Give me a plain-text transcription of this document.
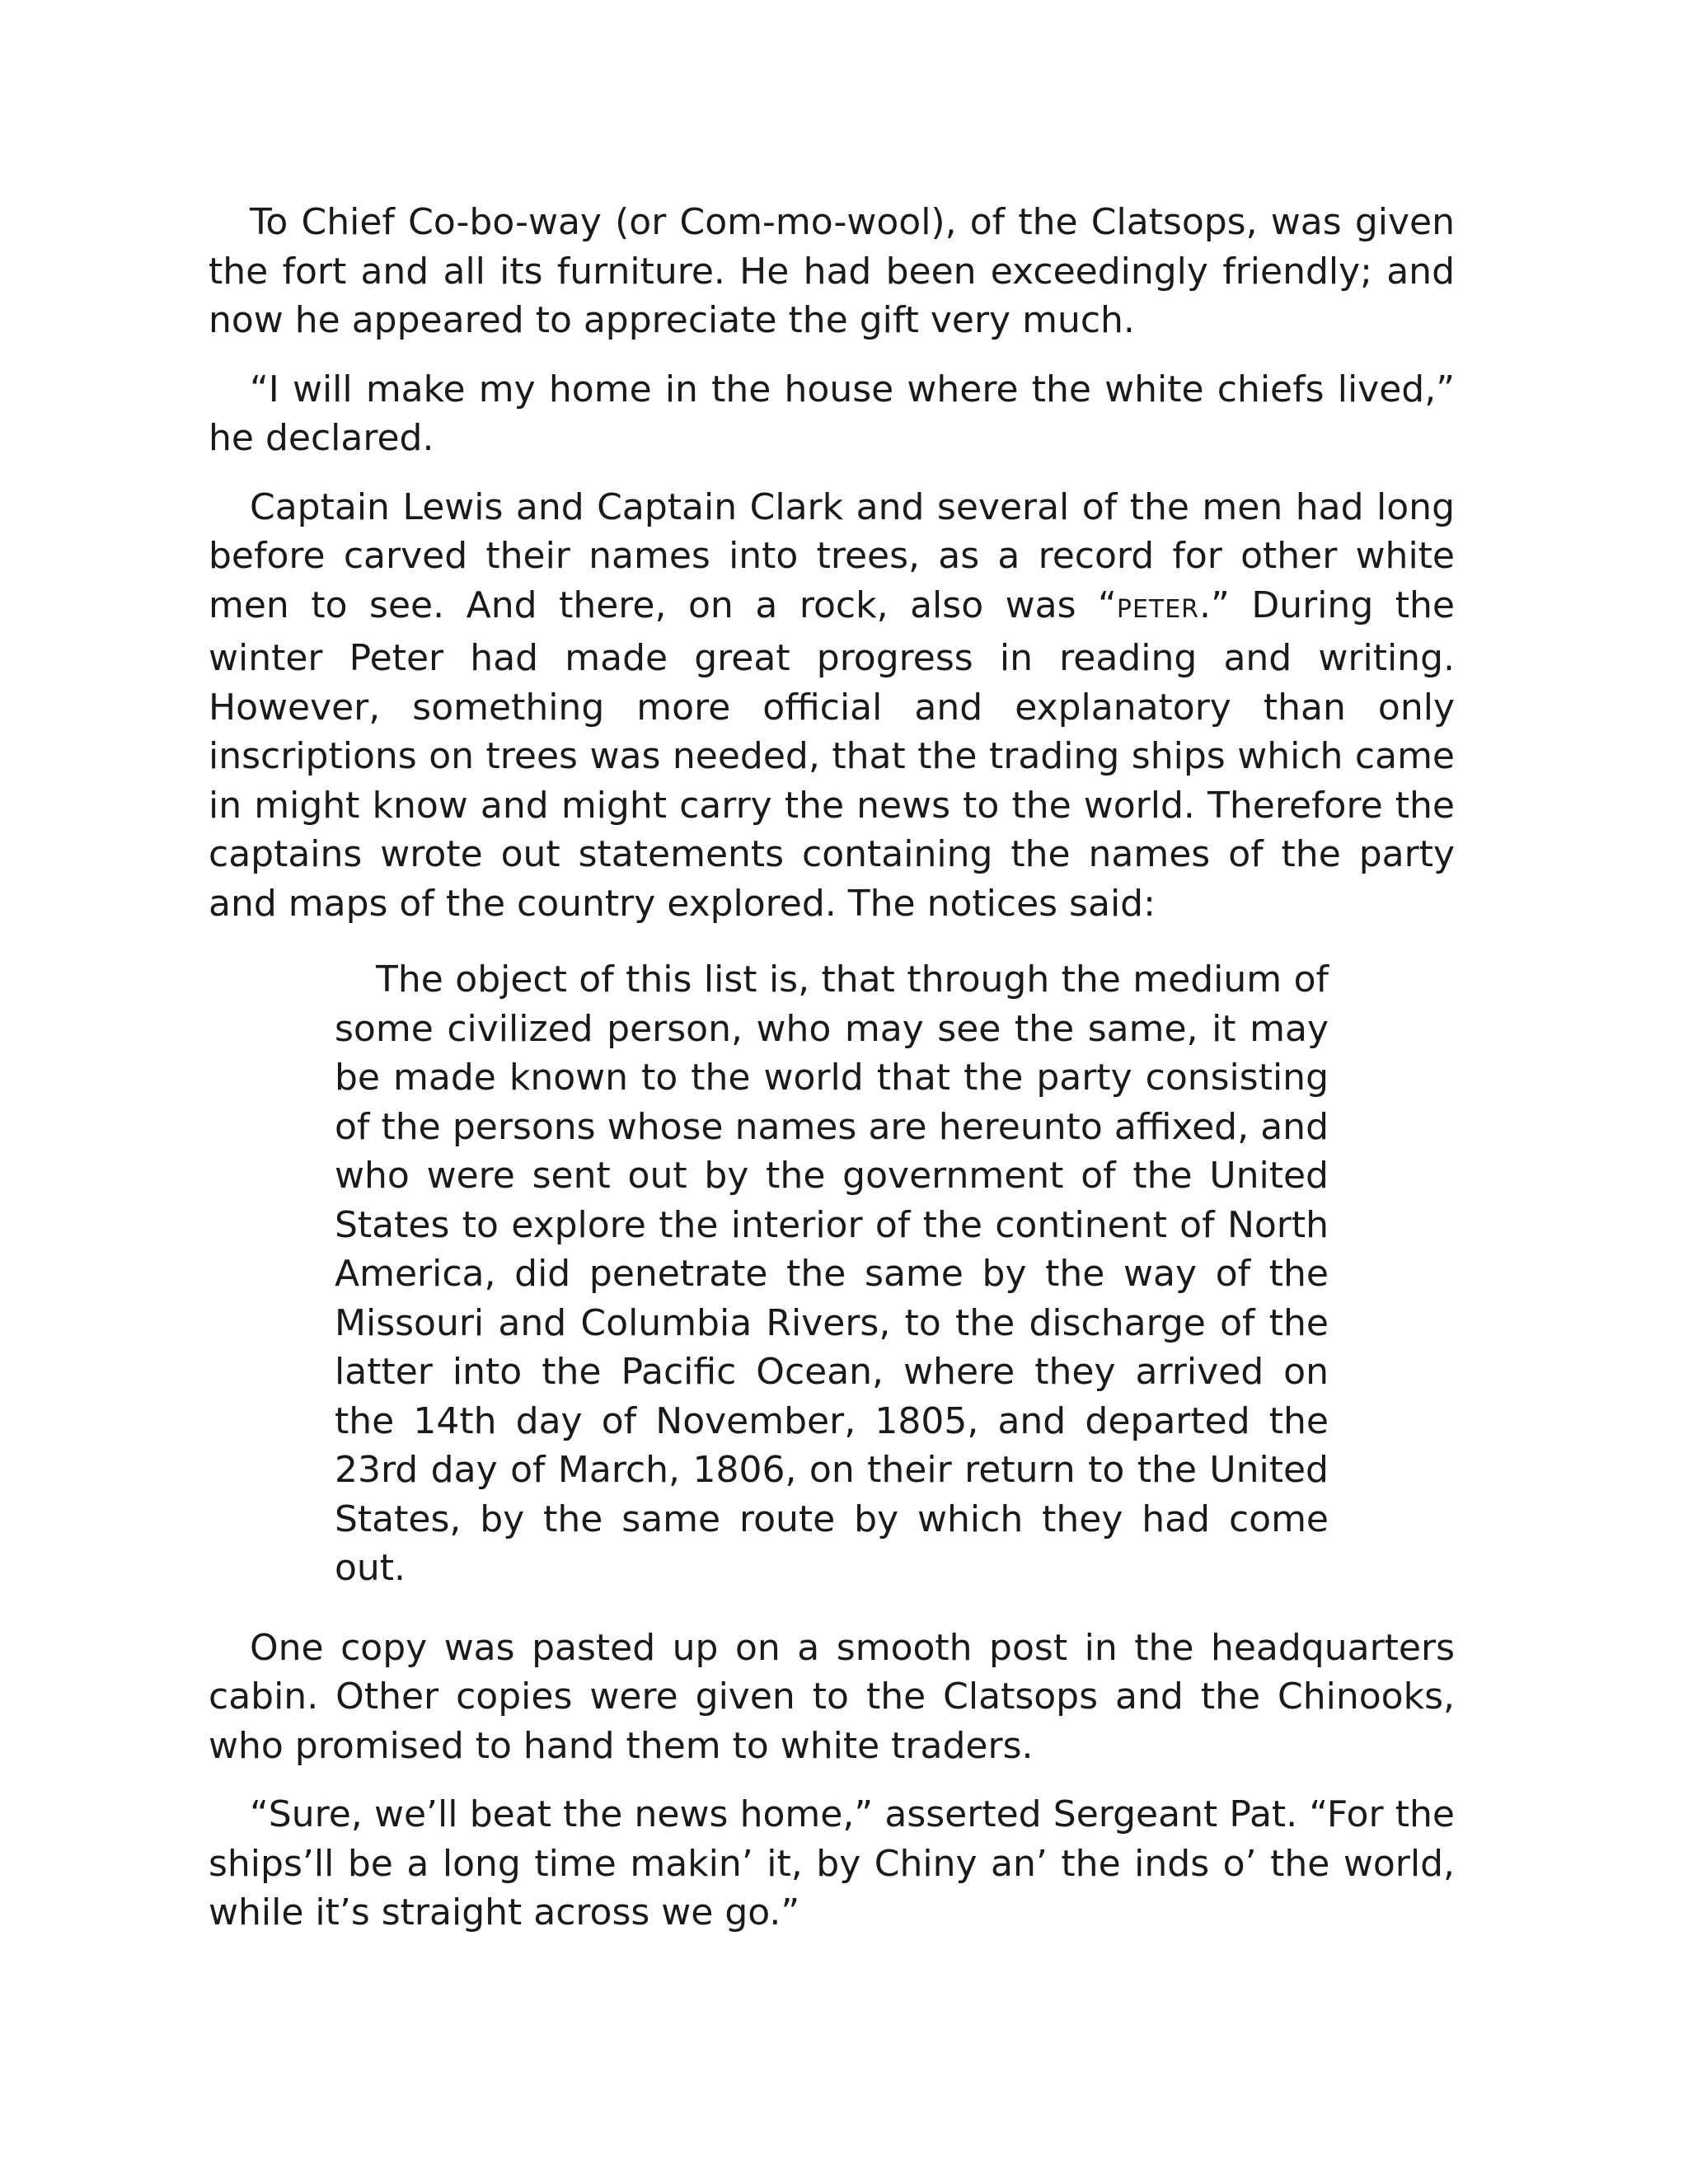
To Chief Co-bo-way (or Com-mo-wool), of the Clatsops, was given the fort and all its furniture. He had been exceedingly friendly; and now he appeared to appreciate the gift very much.

“I will make my home in the house where the white chiefs lived,” he declared.

Captain Lewis and Captain Clark and several of the men had long before carved their names into trees, as a record for other white men to see. And there, on a rock, also was “PETER.” During the winter Peter had made great progress in reading and writing. However, something more official and explanatory than only inscriptions on trees was needed, that the trading ships which came in might know and might carry the news to the world. Therefore the captains wrote out statements containing the names of the party and maps of the country explored. The notices said:

The object of this list is, that through the medium of some civilized person, who may see the same, it may be made known to the world that the party consisting of the persons whose names are hereunto affixed, and who were sent out by the government of the United States to explore the interior of the continent of North America, did penetrate the same by the way of the Missouri and Columbia Rivers, to the discharge of the latter into the Pacific Ocean, where they arrived on the 14th day of November, 1805, and departed the 23rd day of March, 1806, on their return to the United States, by the same route by which they had come out.

One copy was pasted up on a smooth post in the headquarters cabin. Other copies were given to the Clatsops and the Chinooks, who promised to hand them to white traders.

“Sure, we’ll beat the news home,” asserted Sergeant Pat. “For the ships’ll be a long time makin’ it, by Chiny an’ the inds o’ the world, while it’s straight across we go.”
